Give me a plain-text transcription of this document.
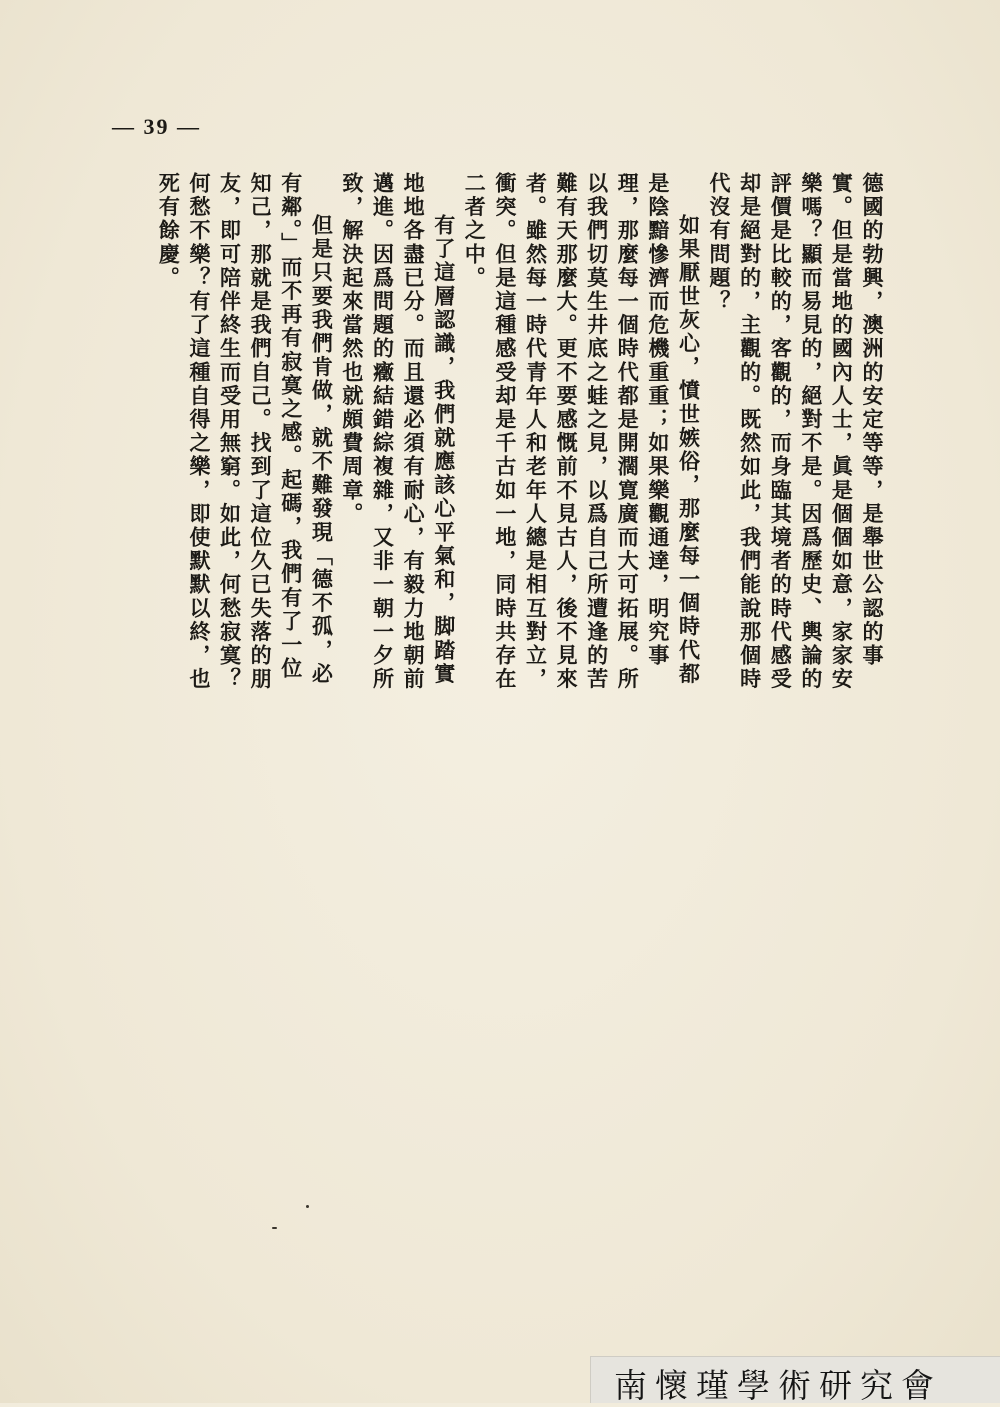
— 39 —

德國的勃興，澳洲的安定等等，是舉世公認的事實。但是當地的國內人士，眞是個個如意，家家安樂嗎？顯而易見的，絕對不是。因爲歷史、輿論的評價是比較的，客觀的，而身臨其境者的時代感受却是絕對的，主觀的。既然如此，我們能說那個時代沒有問題？

如果厭世灰心，憤世嫉俗，那麼每一個時代都是陰黯慘濟而危機重重；如果樂觀通達，明究事理，那麼每一個時代都是開濶寛廣而大可拓展。所以我們切莫生井底之蛙之見，以爲自己所遭逢的苦難有天那麼大。更不要感慨前不見古人，後不見來者。雖然每一時代青年人和老年人總是相互對立，衝突。但是這種感受却是千古如一地，同時共存在二者之中。

有了這層認識，我們就應該心平氣和，脚踏實地地各盡已分。而且還必須有耐心，有毅力地朝前邁進。因爲問題的癥結錯綜複雜，又非一朝一夕所致，解決起來當然也就頗費周章。

但是只要我們肯做，就不難發現「德不孤，必有鄰。」而不再有寂寞之感。起碼，我們有了一位知己，那就是我們自己。找到了這位久已失落的朋友，即可陪伴終生而受用無窮。如此，何愁寂寞？何愁不樂？有了這種自得之樂，即使默默以終，也死有餘慶。

南懷瑾學術研究會
